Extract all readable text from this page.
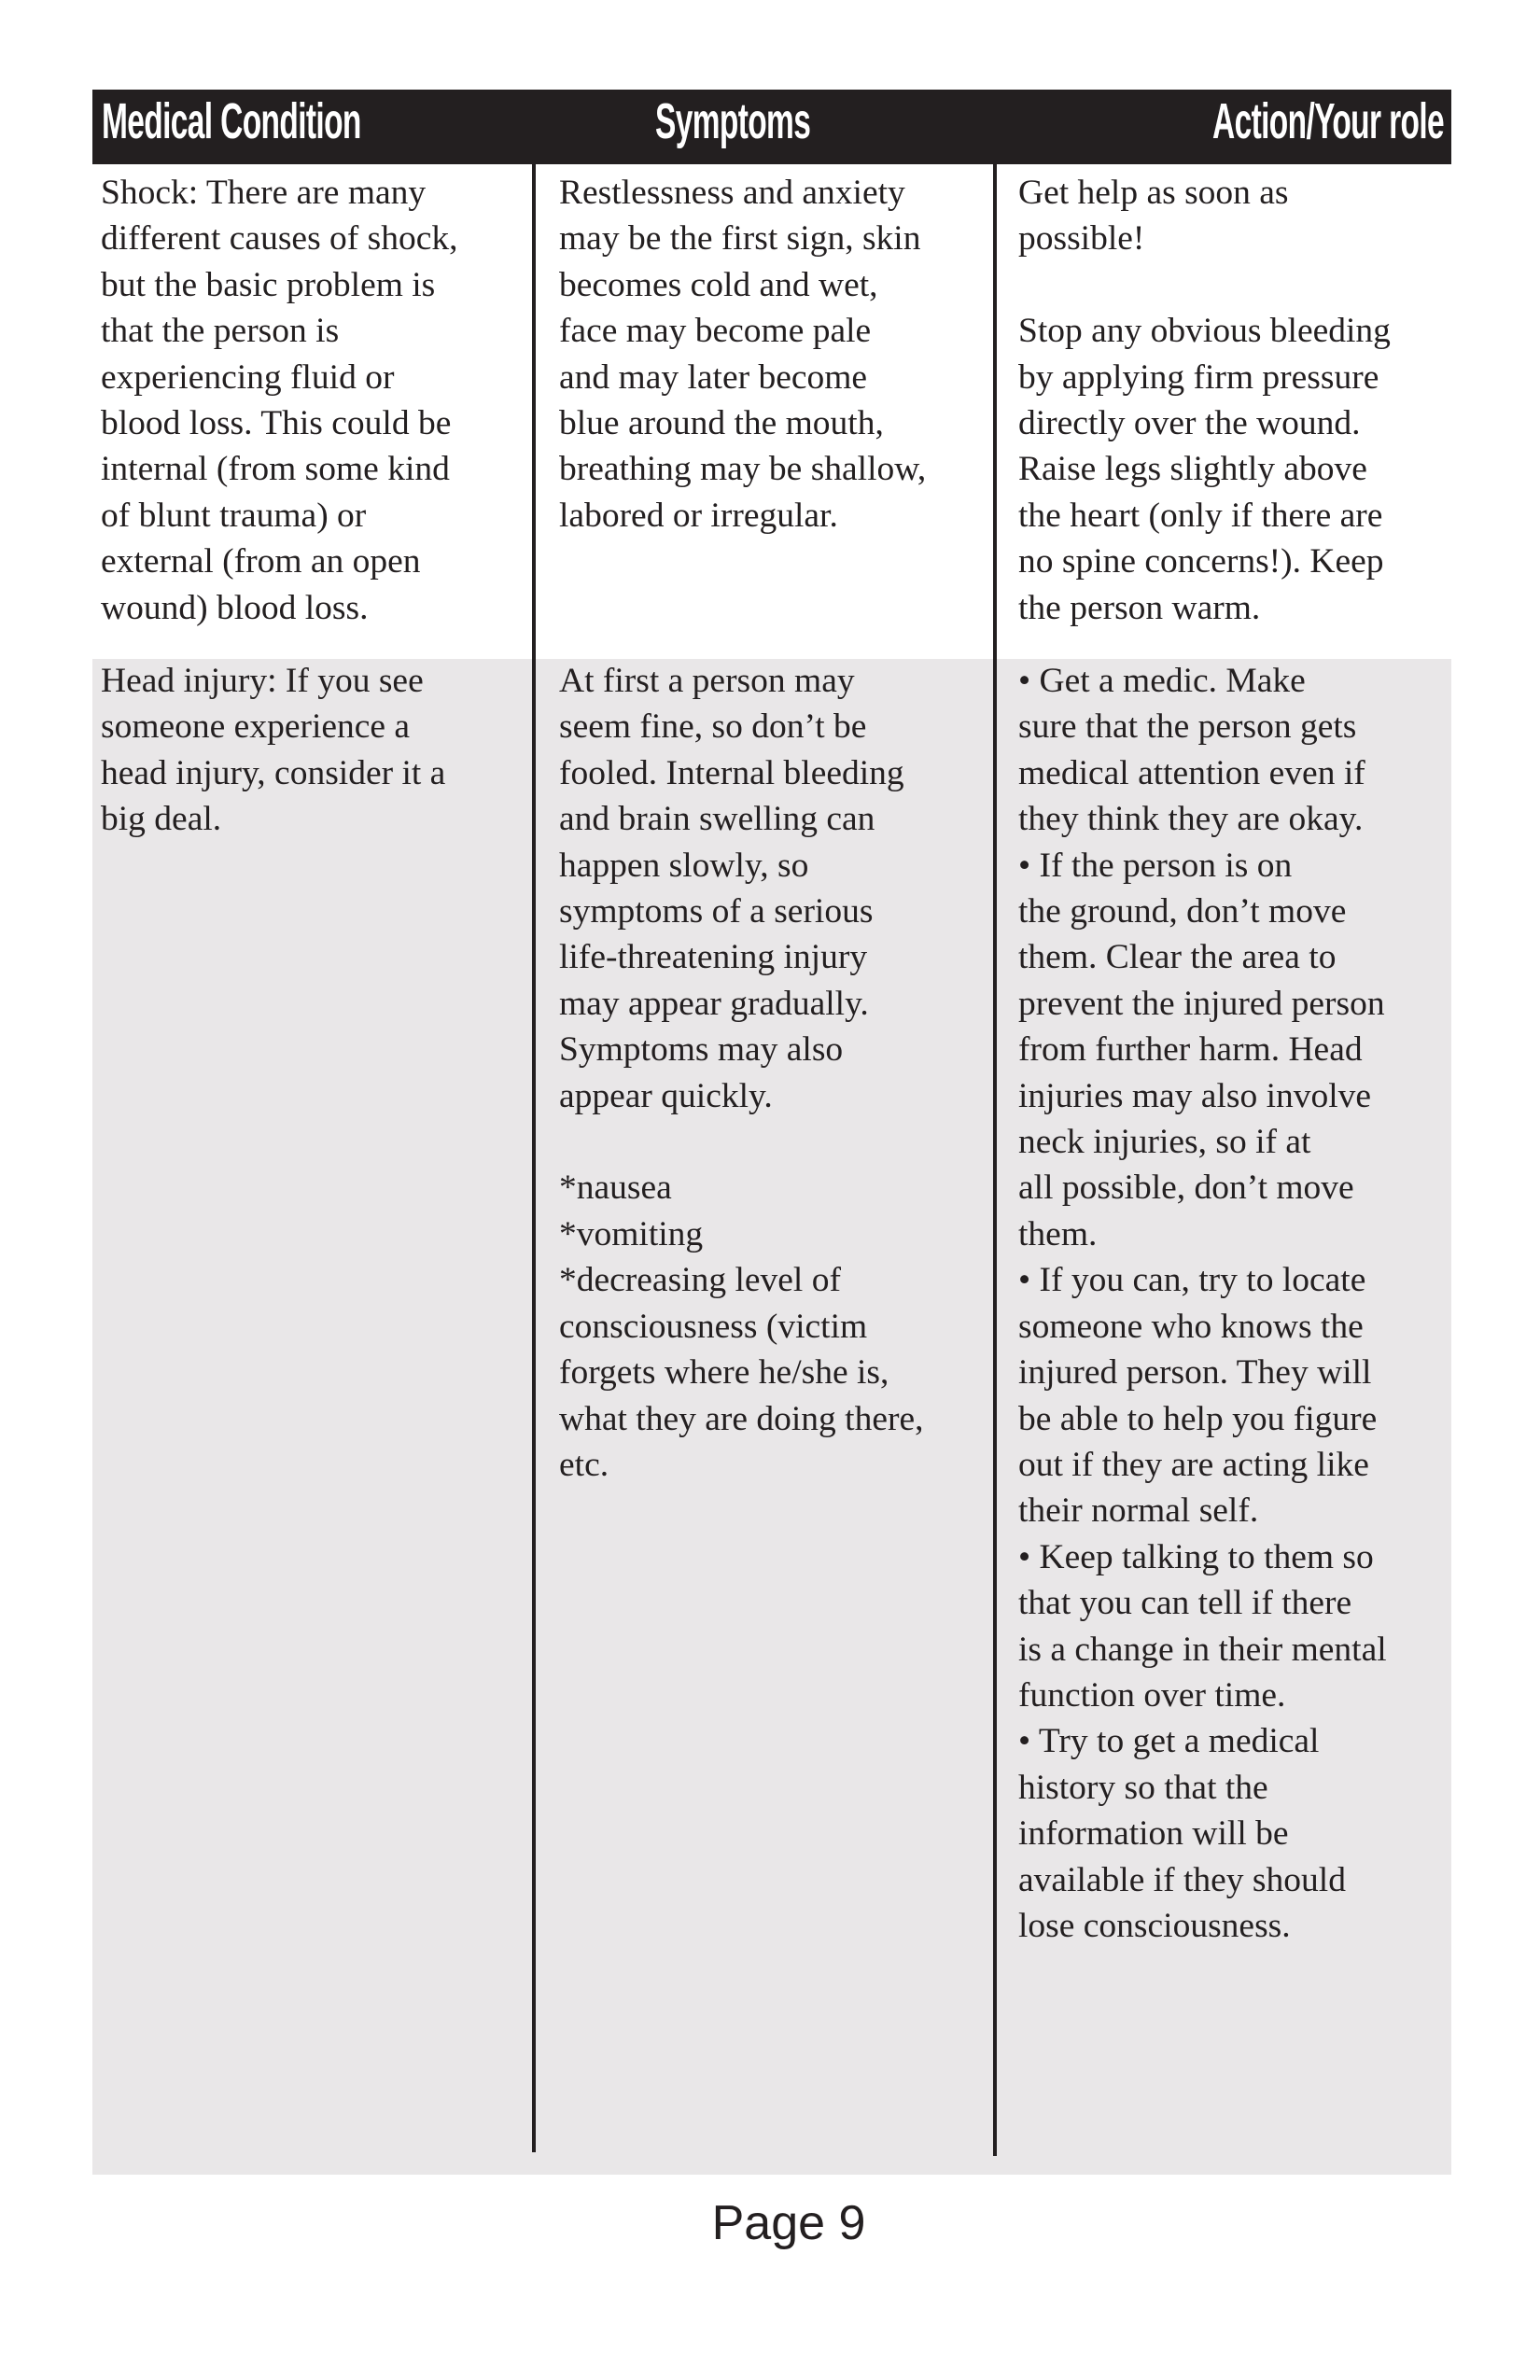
Medical Condition	Symptoms	Action/Your role
Shock: There are many
different causes of shock,
but the basic problem is
that the person is
experiencing fluid or
blood loss. This could be
internal (from some kind
of blunt trauma) or
external (from an open
wound) blood loss.
Restlessness and anxiety
may be the first sign, skin
becomes cold and wet,
face may become pale
and may later become
blue around the mouth,
breathing may be shallow,
labored or irregular.
Get help as soon as
possible!

Stop any obvious bleeding
by applying firm pressure
directly over the wound.
Raise legs slightly above
the heart (only if there are
no spine concerns!). Keep
the person warm.
Head injury: If you see
someone experience a
head injury, consider it a
big deal.
At first a person may
seem fine, so don’t be
fooled. Internal bleeding
and brain swelling can
happen slowly, so
symptoms of a serious
life-threatening injury
may appear gradually.
Symptoms may also
appear quickly.

*nausea
*vomiting
*decreasing level of
consciousness (victim
forgets where he/she is,
what they are doing there,
etc.
• Get a medic. Make
sure that the person gets
medical attention even if
they think they are okay.
• If the person is on
the ground, don’t move
them. Clear the area to
prevent the injured person
from further harm. Head
injuries may also involve
neck injuries, so if at
all possible, don’t move
them.
• If you can, try to locate
someone who knows the
injured person. They will
be able to help you figure
out if they are acting like
their normal self.
• Keep talking to them so
that you can tell if there
is a change in their mental
function over time.
• Try to get a medical
history so that the
information will be
available if they should
lose consciousness.
Page 9
